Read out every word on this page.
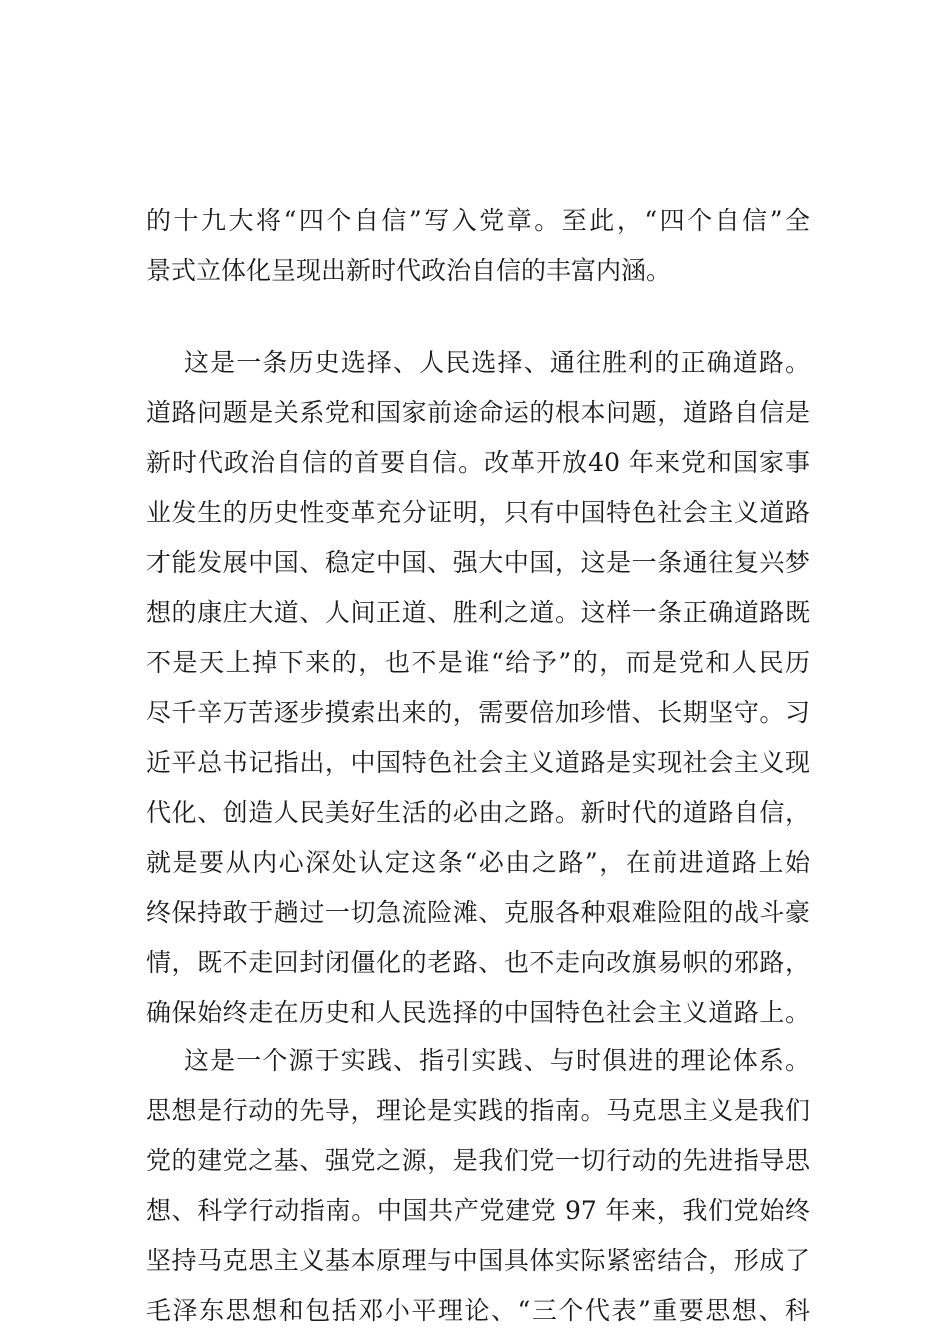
的十九大将“四个自信”写入党章。至此，“四个自信”全
景式立体化呈现出新时代政治自信的丰富内涵。
这是一条历史选择、人民选择、通往胜利的正确道路。
道路问题是关系党和国家前途命运的根本问题，道路自信是
新时代政治自信的首要自信。改革开放40 年来党和国家事
业发生的历史性变革充分证明，只有中国特色社会主义道路
才能发展中国、稳定中国、强大中国，这是一条通往复兴梦
想的康庄大道、人间正道、胜利之道。这样一条正确道路既
不是天上掉下来的，也不是谁“给予”的，而是党和人民历
尽千辛万苦逐步摸索出来的，需要倍加珍惜、长期坚守。习
近平总书记指出，中国特色社会主义道路是实现社会主义现
代化、创造人民美好生活的必由之路。新时代的道路自信，
就是要从内心深处认定这条“必由之路”，在前进道路上始
终保持敢于趟过一切急流险滩、克服各种艰难险阻的战斗豪
情，既不走回封闭僵化的老路、也不走向改旗易帜的邪路，
确保始终走在历史和人民选择的中国特色社会主义道路上。
这是一个源于实践、指引实践、与时俱进的理论体系。
思想是行动的先导，理论是实践的指南。马克思主义是我们
党的建党之基、强党之源，是我们党一切行动的先进指导思
想、科学行动指南。中国共产党建党 97 年来，我们党始终
坚持马克思主义基本原理与中国具体实际紧密结合，形成了
毛泽东思想和包括邓小平理论、“三个代表”重要思想、科
